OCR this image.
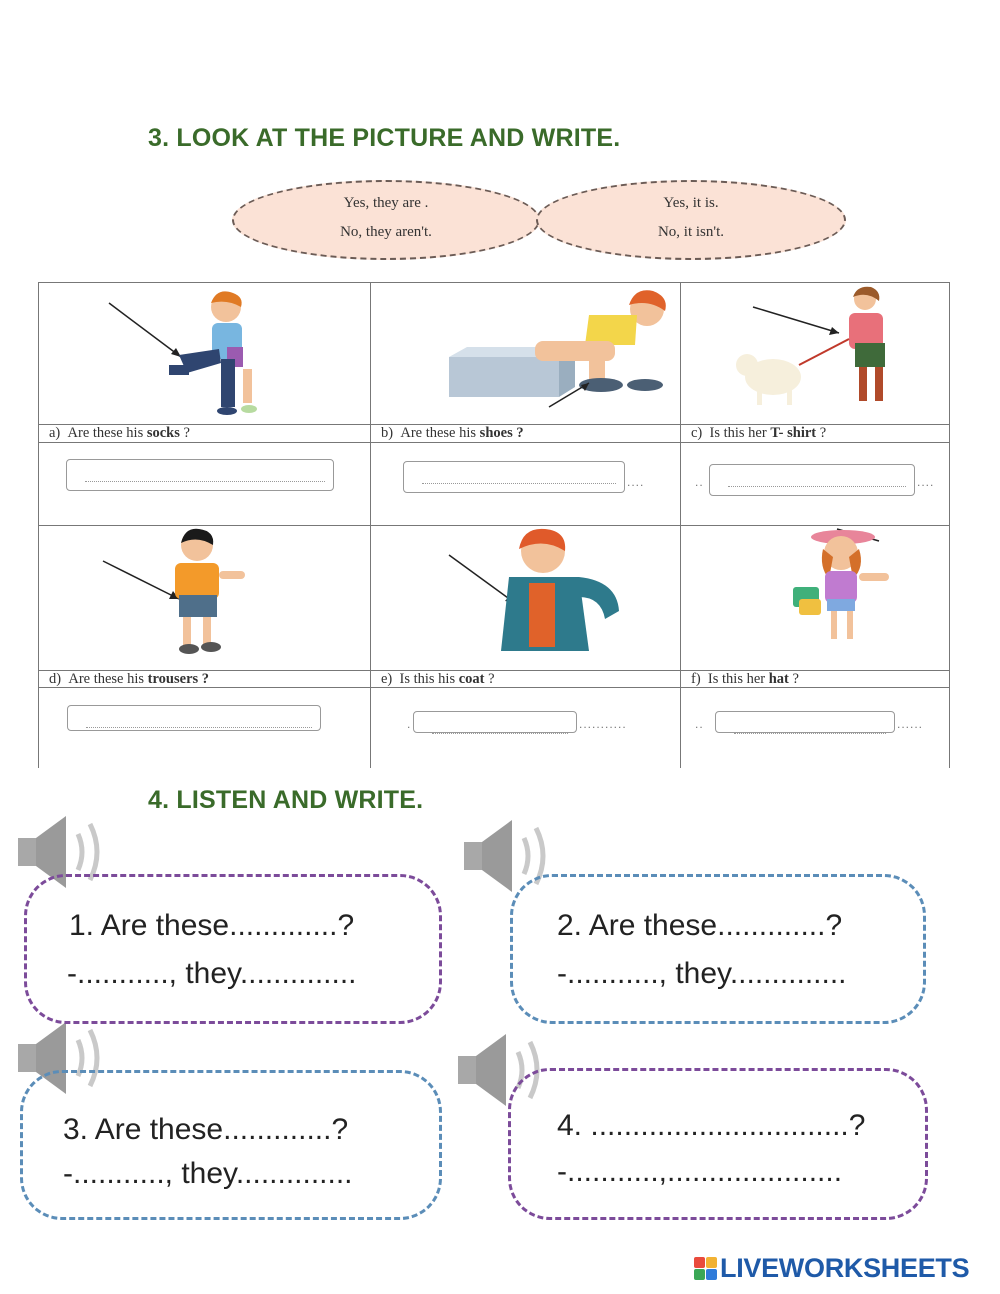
3. LOOK AT THE PICTURE AND WRITE.
Yes, they are .
No, they aren't.
Yes, it is.
No, it isn't.
a) Are these his socks ?	b) Are these his shoes ?	c) Is this her T- shirt ?
....	..	....
d) Are these his trousers ?	e) Is this his coat ?	f) Is this her hat ?
.	...........	..	......
4. LISTEN AND WRITE.
1. Are these.............?
-..........., they..............
2. Are these.............?
-..........., they..............
3. Are these.............?
-..........., they..............
4. ...............................?
-...........,.....................
LIVEWORKSHEETS
